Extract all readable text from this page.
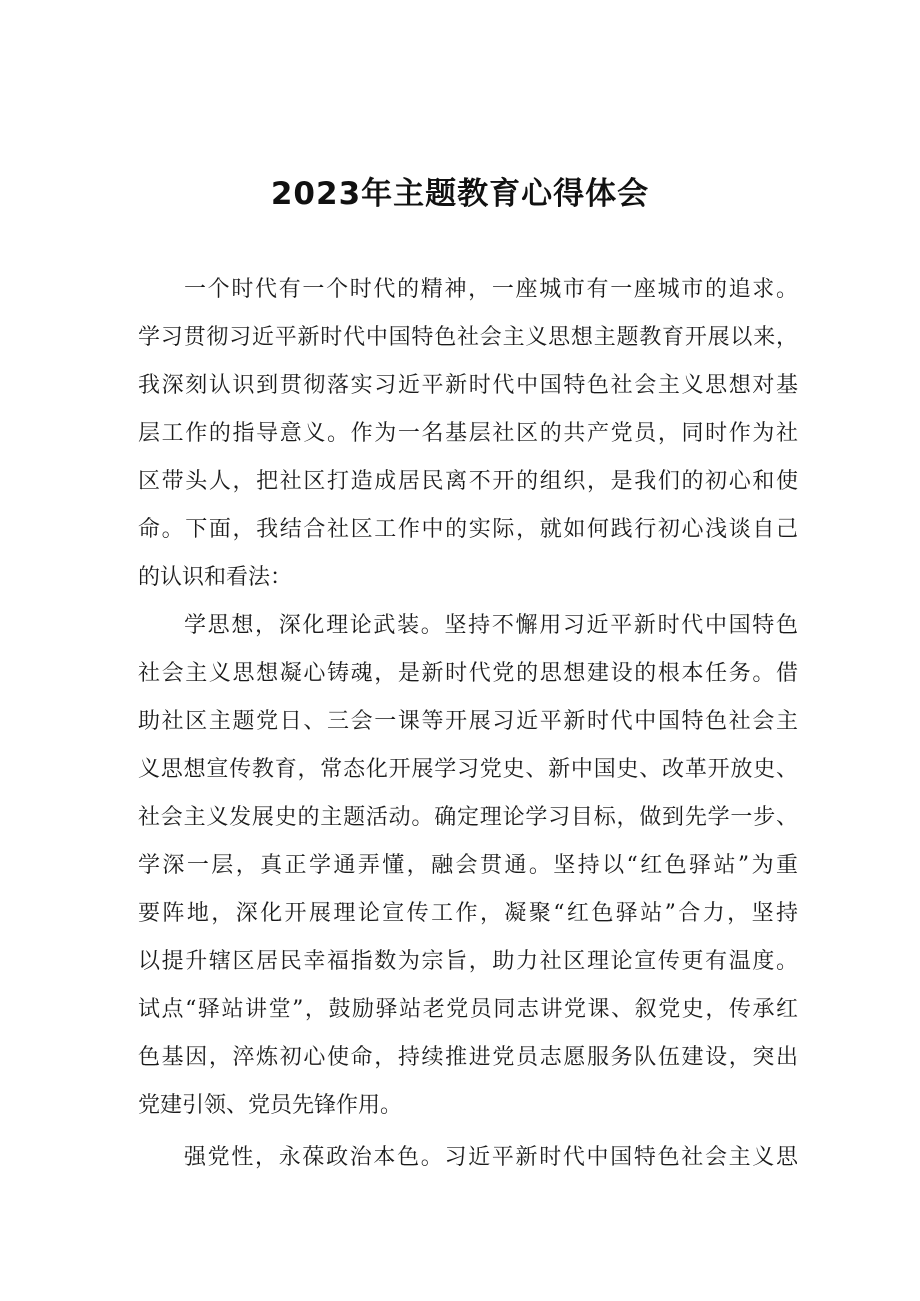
2023年主题教育心得体会
一个时代有一个时代的精神，一座城市有一座城市的追求。
学习贯彻习近平新时代中国特色社会主义思想主题教育开展以来，
我深刻认识到贯彻落实习近平新时代中国特色社会主义思想对基
层工作的指导意义。作为一名基层社区的共产党员，同时作为社
区带头人，把社区打造成居民离不开的组织，是我们的初心和使
命。下面，我结合社区工作中的实际，就如何践行初心浅谈自己
的认识和看法：
学思想，深化理论武装。坚持不懈用习近平新时代中国特色
社会主义思想凝心铸魂，是新时代党的思想建设的根本任务。借
助社区主题党日、三会一课等开展习近平新时代中国特色社会主
义思想宣传教育，常态化开展学习党史、新中国史、改革开放史、
社会主义发展史的主题活动。确定理论学习目标，做到先学一步、
学深一层，真正学通弄懂，融会贯通。坚持以“红色驿站”为重
要阵地，深化开展理论宣传工作，凝聚“红色驿站”合力，坚持
以提升辖区居民幸福指数为宗旨，助力社区理论宣传更有温度。
试点“驿站讲堂”，鼓励驿站老党员同志讲党课、叙党史，传承红
色基因，淬炼初心使命，持续推进党员志愿服务队伍建设，突出
党建引领、党员先锋作用。
强党性，永葆政治本色。习近平新时代中国特色社会主义思
